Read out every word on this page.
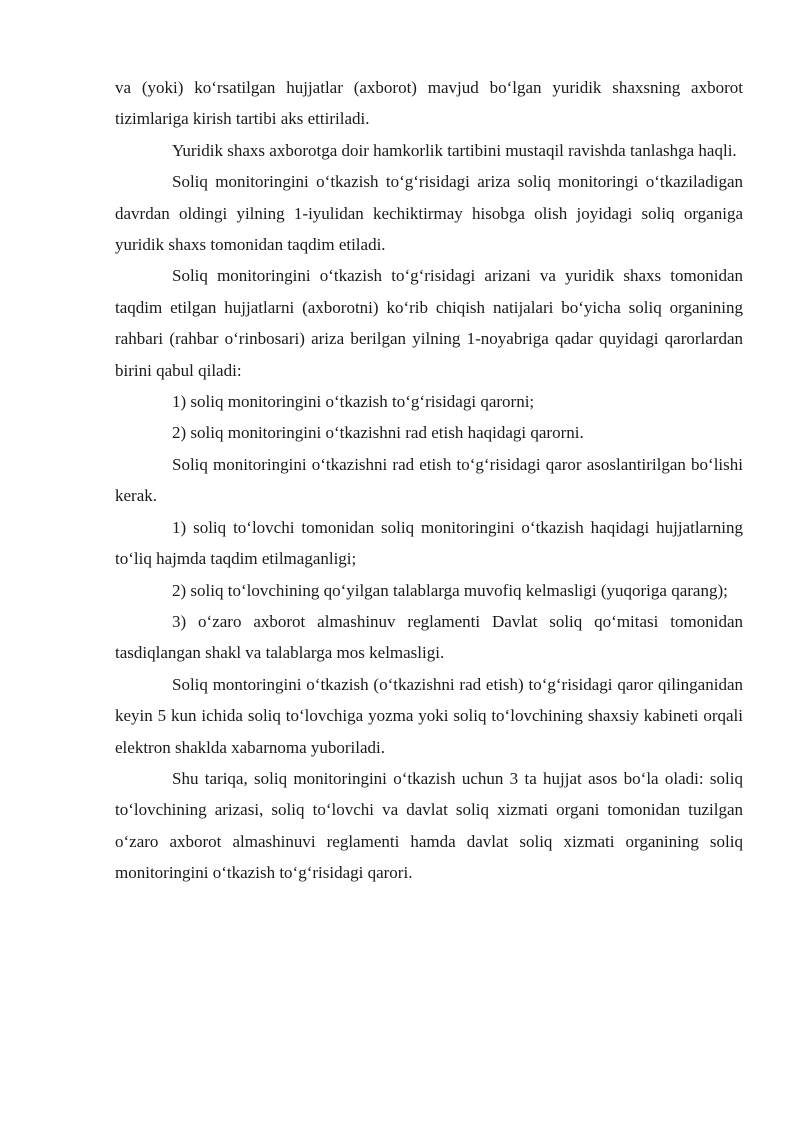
va (yoki) ko‘rsatilgan hujjatlar (axborot) mavjud bo‘lgan yuridik shaxsning axborot tizimlariga kirish tartibi aks ettiriladi.

Yuridik shaxs axborotga doir hamkorlik tartibini mustaqil ravishda tanlashga haqli.

Soliq monitoringini o‘tkazish to‘g‘risidagi ariza soliq monitoringi o‘tkaziladigan davrdan oldingi yilning 1-iyulidan kechiktirmay hisobga olish joyidagi soliq organiga yuridik shaxs tomonidan taqdim etiladi.

Soliq monitoringini o‘tkazish to‘g‘risidagi arizani va yuridik shaxs tomonidan taqdim etilgan hujjatlarni (axborotni) ko‘rib chiqish natijalari bo‘yicha soliq organining rahbari (rahbar o‘rinbosari) ariza berilgan yilning 1-noyabriga qadar quyidagi qarorlardan birini qabul qiladi:

1) soliq monitoringini o‘tkazish to‘g‘risidagi qarorni;

2) soliq monitoringini o‘tkazishni rad etish haqidagi qarorni.

Soliq monitoringini o‘tkazishni rad etish to‘g‘risidagi qaror asoslantirilgan bo‘lishi kerak.

1) soliq to‘lovchi tomonidan soliq monitoringini o‘tkazish haqidagi hujjatlarning to‘liq hajmda taqdim etilmaganligi;

2) soliq to‘lovchining qo‘yilgan talablarga muvofiq kelmasligi (yuqoriga qarang);

3) o‘zaro axborot almashinuv reglamenti Davlat soliq qo‘mitasi tomonidan tasdiqlangan shakl va talablarga mos kelmasligi.

Soliq montoringini o‘tkazish (o‘tkazishni rad etish) to‘g‘risidagi qaror qilinganidan keyin 5 kun ichida soliq to‘lovchiga yozma yoki soliq to‘lovchining shaxsiy kabineti orqali elektron shaklda xabarnoma yuboriladi.

Shu tariqa, soliq monitoringini o‘tkazish uchun 3 ta hujjat asos bo‘la oladi: soliq to‘lovchining arizasi, soliq to‘lovchi va davlat soliq xizmati organi tomonidan tuzilgan o‘zaro axborot almashinuvi reglamenti hamda davlat soliq xizmati organining soliq monitoringini o‘tkazish to‘g‘risidagi qarori.
